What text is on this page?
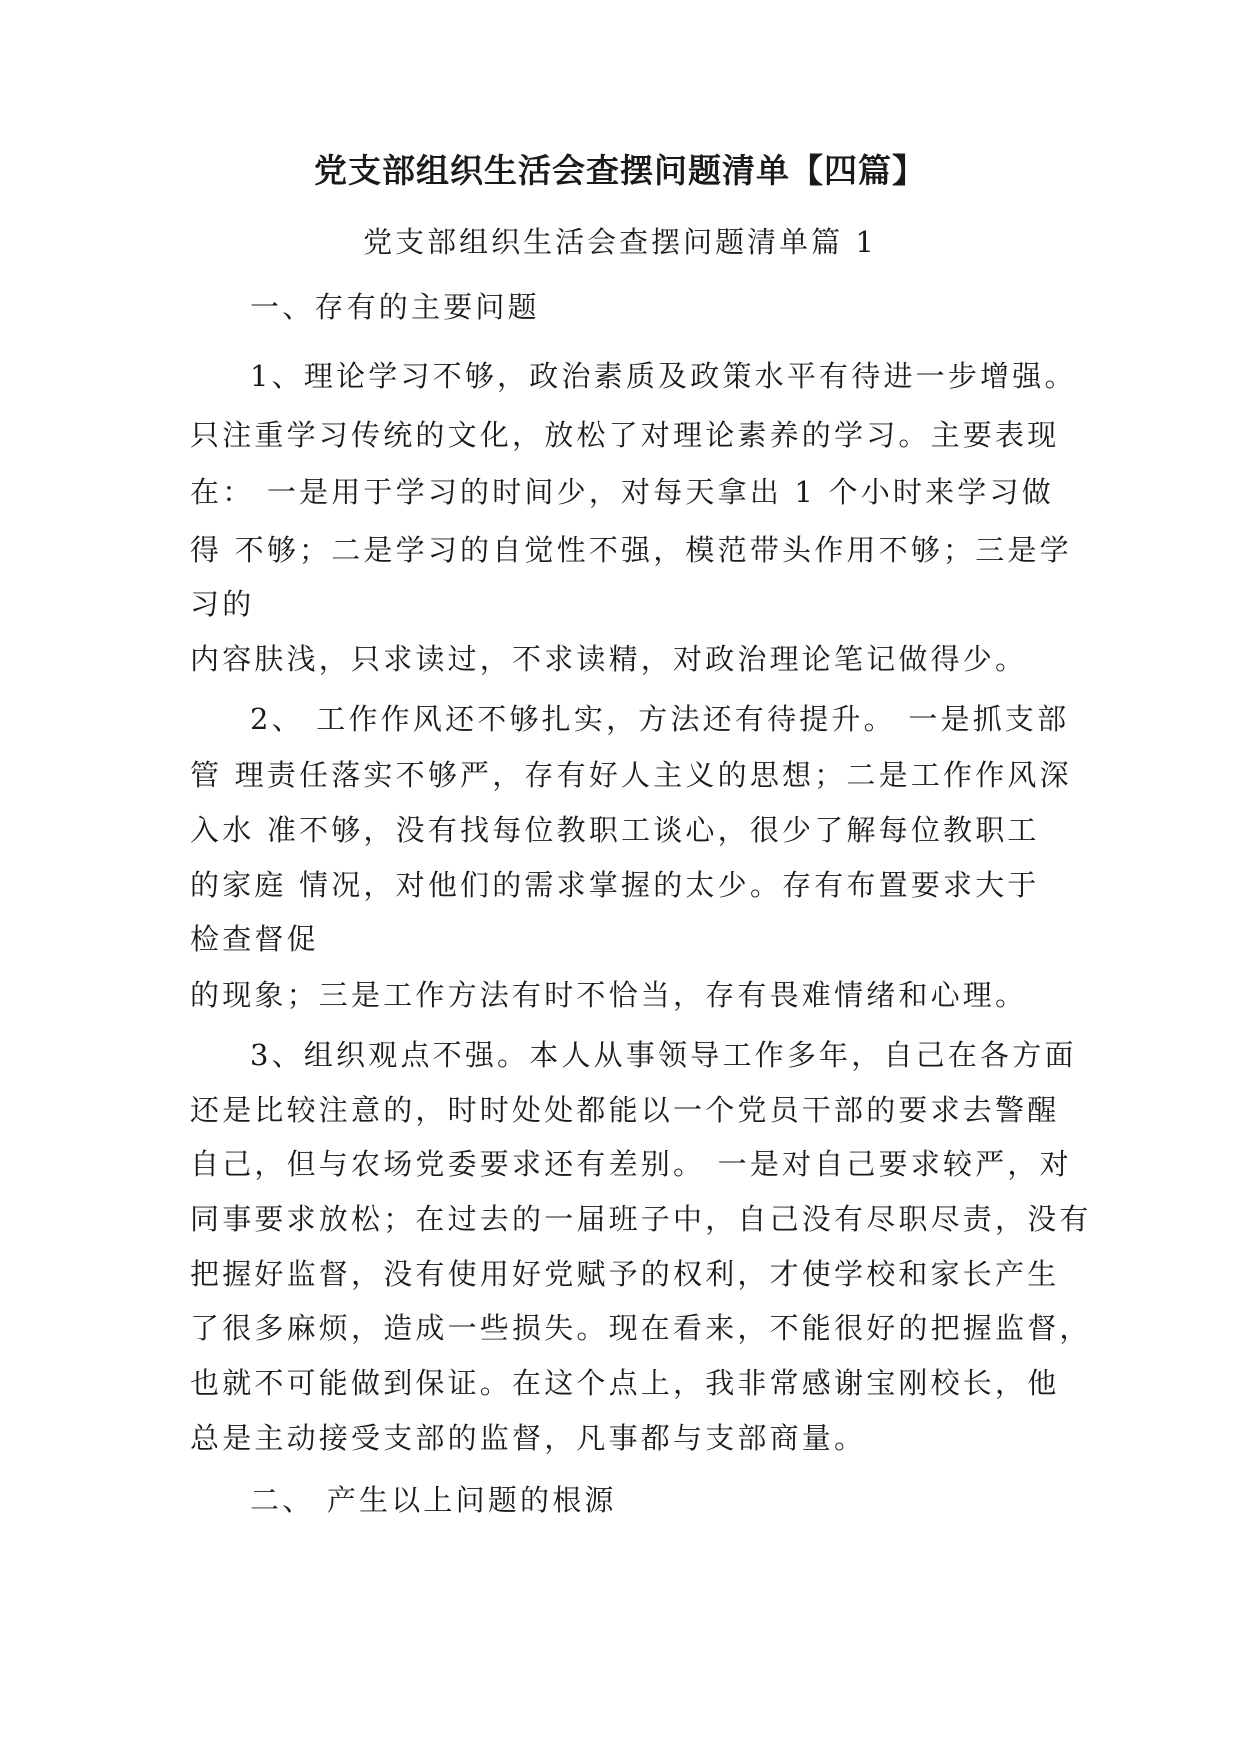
党支部组织生活会查摆问题清单【四篇】
党支部组织生活会查摆问题清单篇 1
一、存有的主要问题
1、理论学习不够，政治素质及政策水平有待进一步增强。
只注重学习传统的文化，放松了对理论素养的学习。主要表现
在： 一是用于学习的时间少，对每天拿出 1 个小时来学习做
得 不够；二是学习的自觉性不强，模范带头作用不够；三是学
习的
内容肤浅，只求读过，不求读精，对政治理论笔记做得少。
2、 工作作风还不够扎实，方法还有待提升。 一是抓支部
管 理责任落实不够严，存有好人主义的思想；二是工作作风深
入水 准不够，没有找每位教职工谈心，很少了解每位教职工
的家庭 情况，对他们的需求掌握的太少。存有布置要求大于
检查督促
的现象；三是工作方法有时不恰当，存有畏难情绪和心理。
3、组织观点不强。本人从事领导工作多年，自己在各方面
还是比较注意的，时时处处都能以一个党员干部的要求去警醒
自己，但与农场党委要求还有差别。 一是对自己要求较严，对
同事要求放松；在过去的一届班子中，自己没有尽职尽责，没有
把握好监督，没有使用好党赋予的权利，才使学校和家长产生
了很多麻烦，造成一些损失。现在看来，不能很好的把握监督，
也就不可能做到保证。在这个点上，我非常感谢宝刚校长，他
总是主动接受支部的监督，凡事都与支部商量。
二、 产生以上问题的根源
